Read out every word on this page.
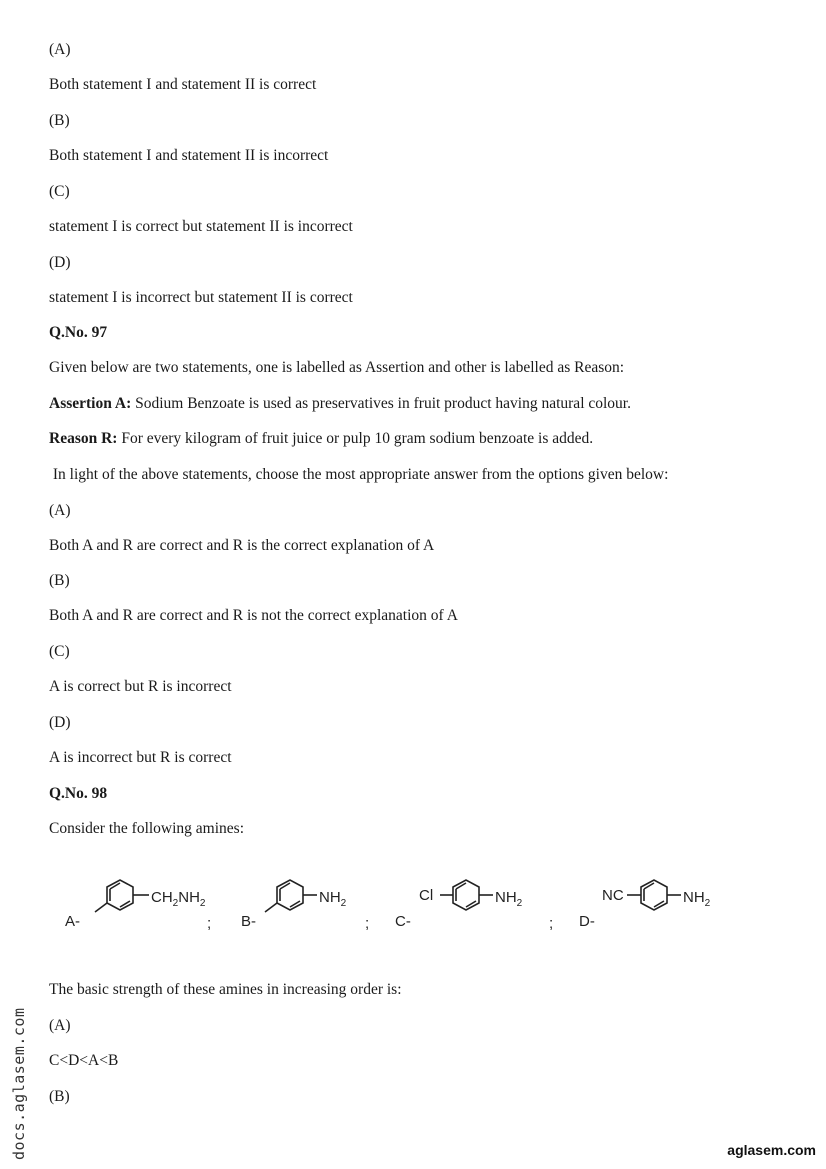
(A)
Both statement I and statement II is correct
(B)
Both statement I and statement II is incorrect
(C)
statement I is correct but statement II is incorrect
(D)
statement I is incorrect but statement II is correct
Q.No. 97
Given below are two statements, one is labelled as Assertion and other is labelled as Reason:
Assertion A: Sodium Benzoate is used as preservatives in fruit product having natural colour.
Reason R: For every kilogram of fruit juice or pulp 10 gram sodium benzoate is added.
In light of the above statements, choose the most appropriate answer from the options given below:
(A)
Both A and R are correct and R is the correct explanation of A
(B)
Both A and R are correct and R is not the correct explanation of A
(C)
A is correct but R is incorrect
(D)
A is incorrect but R is correct
Q.No. 98
Consider the following amines:
A-
$CH_2NH_2$
; B-
$NH_2$
; C-
Cl	$NH_2$
; D-
NC	$NH_2$
The basic strength of these amines in increasing order is:
(A)
C<D<A<B
(B)
docs.aglasem.com	aglasem.com
